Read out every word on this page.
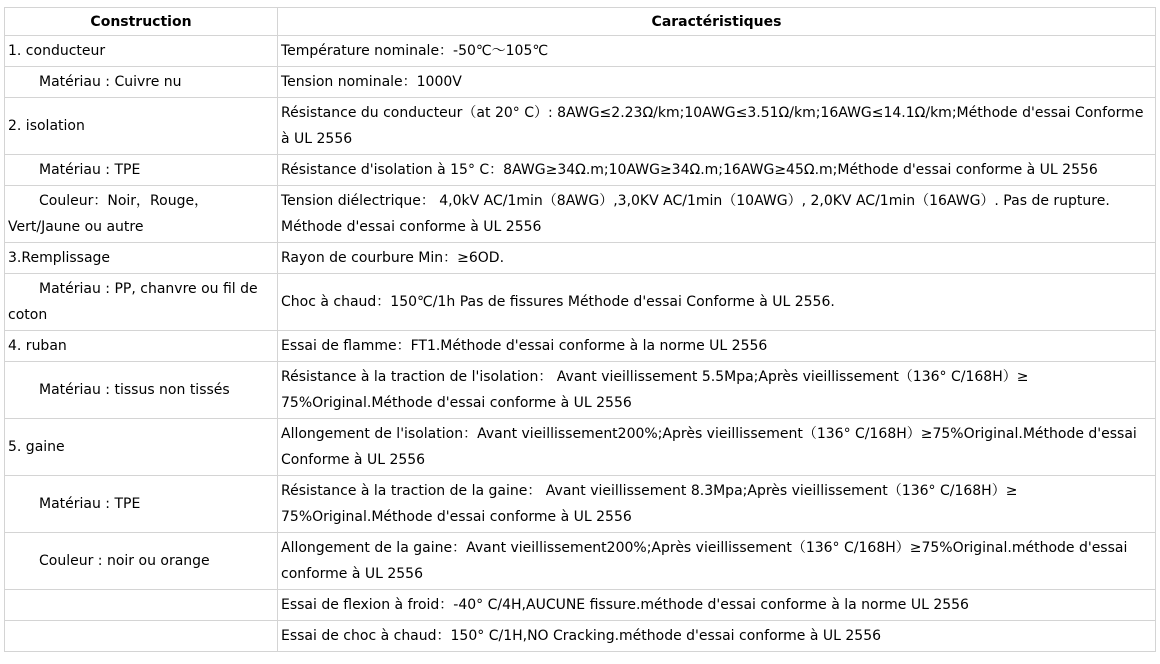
Construction	Caractéristiques
1. conducteur	Température nominale：-50℃～105℃
Matériau : Cuivre nu	Tension nominale：1000V
2. isolation	Résistance du conducteur（at 20° C）: 8AWG≤2.23Ω/km;10AWG≤3.51Ω/km;16AWG≤14.1Ω/km;Méthode d'essai Conforme à UL 2556
Matériau : TPE	Résistance d'isolation à 15° C：8AWG≥34Ω.m;10AWG≥34Ω.m;16AWG≥45Ω.m;Méthode d'essai conforme à UL 2556
Couleur：Noir，Rouge，Vert/Jaune ou autre	Tension diélectrique： 4,0kV AC/1min（8AWG）,3,0KV AC/1min（10AWG）, 2,0KV AC/1min（16AWG）. Pas de rupture. Méthode d'essai conforme à UL 2556
3.Remplissage	Rayon de courbure Min：≥6OD.
Matériau : PP, chanvre ou fil de coton	Choc à chaud：150℃/1h Pas de fissures Méthode d'essai Conforme à UL 2556.
4. ruban	Essai de flamme：FT1.Méthode d'essai conforme à la norme UL 2556
Matériau : tissus non tissés	Résistance à la traction de l'isolation： Avant vieillissement 5.5Mpa;Après vieillissement（136° C/168H）≥ 75%Original.Méthode d'essai conforme à UL 2556
5. gaine	Allongement de l'isolation：Avant vieillissement200%;Après vieillissement（136° C/168H）≥75%Original.Méthode d'essai Conforme à UL 2556
Matériau : TPE	Résistance à la traction de la gaine： Avant vieillissement 8.3Mpa;Après vieillissement（136° C/168H）≥ 75%Original.Méthode d'essai conforme à UL 2556
Couleur : noir ou orange	Allongement de la gaine：Avant vieillissement200%;Après vieillissement（136° C/168H）≥75%Original.méthode d'essai conforme à UL 2556
	Essai de flexion à froid：-40° C/4H,AUCUNE fissure.méthode d'essai conforme à la norme UL 2556
	Essai de choc à chaud：150° C/1H,NO Cracking.méthode d'essai conforme à UL 2556
